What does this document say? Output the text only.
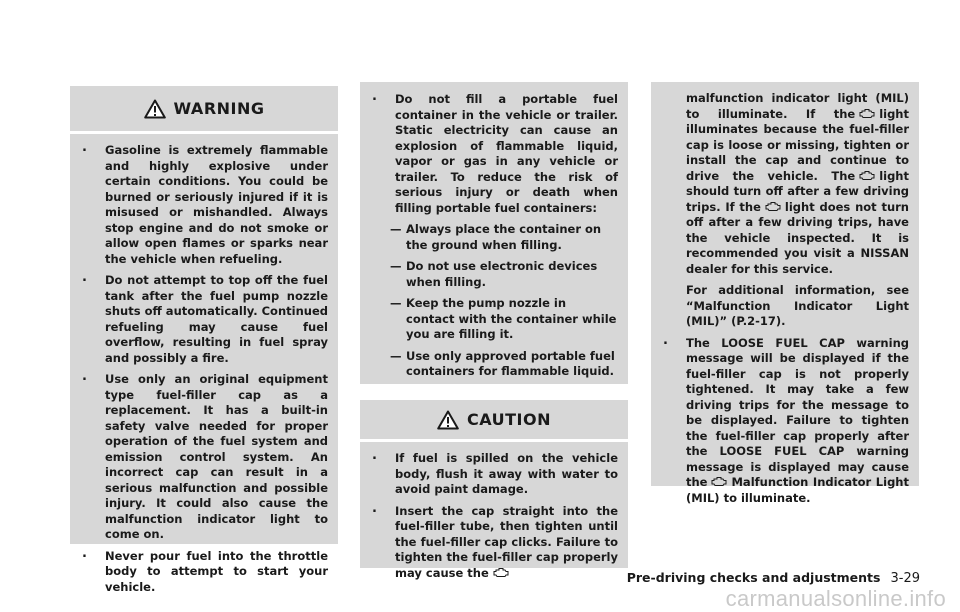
WARNING
. Gasoline is extremely flammable and highly explosive under certain conditions. You could be burned or seriously injured if it is misused or mishandled. Always stop engine and do not smoke or allow open flames or sparks near the vehicle when refueling.
. Do not attempt to top off the fuel tank after the fuel pump nozzle shuts off automatically. Continued refueling may cause fuel overflow, resulting in fuel spray and possibly a fire.
. Use only an original equipment type fuel-filler cap as a replacement. It has a built-in safety valve needed for proper operation of the fuel system and emission control system. An incorrect cap can result in a serious malfunction and possible injury. It could also cause the malfunction indicator light to come on.
. Never pour fuel into the throttle body to attempt to start your vehicle.
. Do not fill a portable fuel container in the vehicle or trailer. Static electricity can cause an explosion of flammable liquid, vapor or gas in any vehicle or trailer. To reduce the risk of serious injury or death when filling portable fuel containers:
— Always place the container on the ground when filling.
— Do not use electronic devices when filling.
— Keep the pump nozzle in contact with the container while you are filling it.
— Use only approved portable fuel containers for flammable liquid.
CAUTION
. If fuel is spilled on the vehicle body, flush it away with water to avoid paint damage.
. Insert the cap straight into the fuel-filler tube, then tighten until the fuel-filler cap clicks. Failure to tighten the fuel-filler cap properly may cause the
malfunction indicator light (MIL) to illuminate. If the light illuminates because the fuel-filler cap is loose or missing, tighten or install the cap and continue to drive the vehicle. The light should turn off after a few driving trips. If the light does not turn off after a few driving trips, have the vehicle inspected. It is recommended you visit a NISSAN dealer for this service.
For additional information, see “Malfunction Indicator Light (MIL)” (P.2-17).
. The LOOSE FUEL CAP warning message will be displayed if the fuel-filler cap is not properly tightened. It may take a few driving trips for the message to be displayed. Failure to tighten the fuel-filler cap properly after the LOOSE FUEL CAP warning message is displayed may cause the Malfunction Indicator Light (MIL) to illuminate.
Pre-driving checks and adjustments 3-29
carmanualsonline.info
